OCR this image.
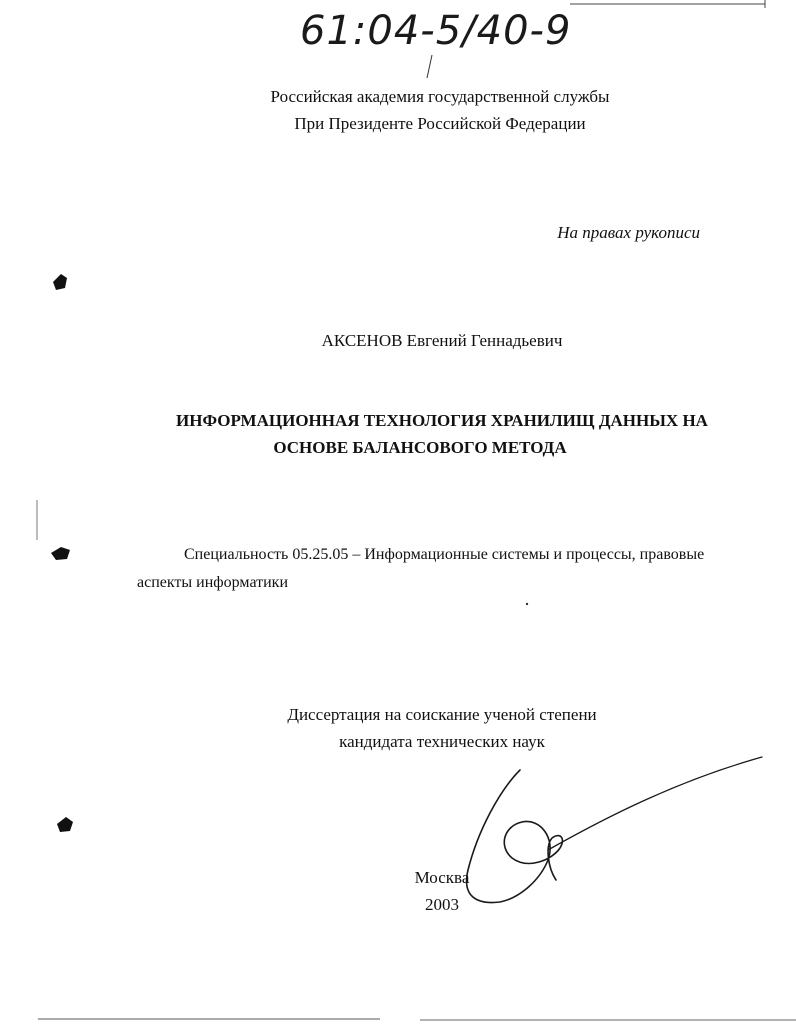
61:04-5/40-9

Российская академия государственной службы

При Президенте Российской Федерации

На правах рукописи

АКСЕНОВ Евгений Геннадьевич

ИНФОРМАЦИОННАЯ ТЕХНОЛОГИЯ ХРАНИЛИЩ ДАННЫХ НА

ОСНОВЕ БАЛАНСОВОГО МЕТОДА

Специальность 05.25.05 – Информационные системы и процессы, правовые

аспекты информатики

Диссертация на соискание ученой степени

кандидата технических наук

Москва

2003
